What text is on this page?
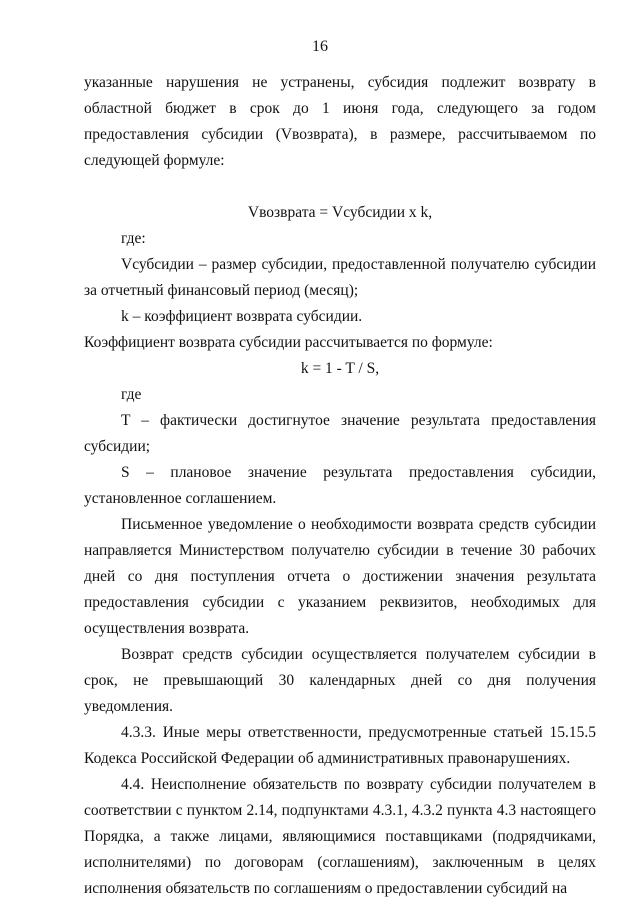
16

указанные нарушения не устранены, субсидия подлежит возврату в областной бюджет в срок до 1 июня года, следующего за годом предоставления субсидии (Vвозврата), в размере, рассчитываемом по следующей формуле:

Vвозврата = Vсубсидии x k,

где:

Vсубсидии – размер субсидии, предоставленной получателю субсидии за отчетный финансовый период (месяц);

k – коэффициент возврата субсидии.

Коэффициент возврата субсидии рассчитывается по формуле:

k = 1 - T / S,

где

T – фактически достигнутое значение результата предоставления субсидии;

S – плановое значение результата предоставления субсидии, установленное соглашением.

Письменное уведомление о необходимости возврата средств субсидии направляется Министерством получателю субсидии в течение 30 рабочих дней со дня поступления отчета о достижении значения результата предоставления субсидии с указанием реквизитов, необходимых для осуществления возврата.

Возврат средств субсидии осуществляется получателем субсидии в срок, не превышающий 30 календарных дней со дня получения уведомления.

4.3.3. Иные меры ответственности, предусмотренные статьей 15.15.5 Кодекса Российской Федерации об административных правонарушениях.

4.4. Неисполнение обязательств по возврату субсидии получателем в соответствии с пунктом 2.14, подпунктами 4.3.1, 4.3.2 пункта 4.3 настоящего Порядка, а также лицами, являющимися поставщиками (подрядчиками, исполнителями) по договорам (соглашениям), заключенным в целях исполнения обязательств по соглашениям о предоставлении субсидий на
